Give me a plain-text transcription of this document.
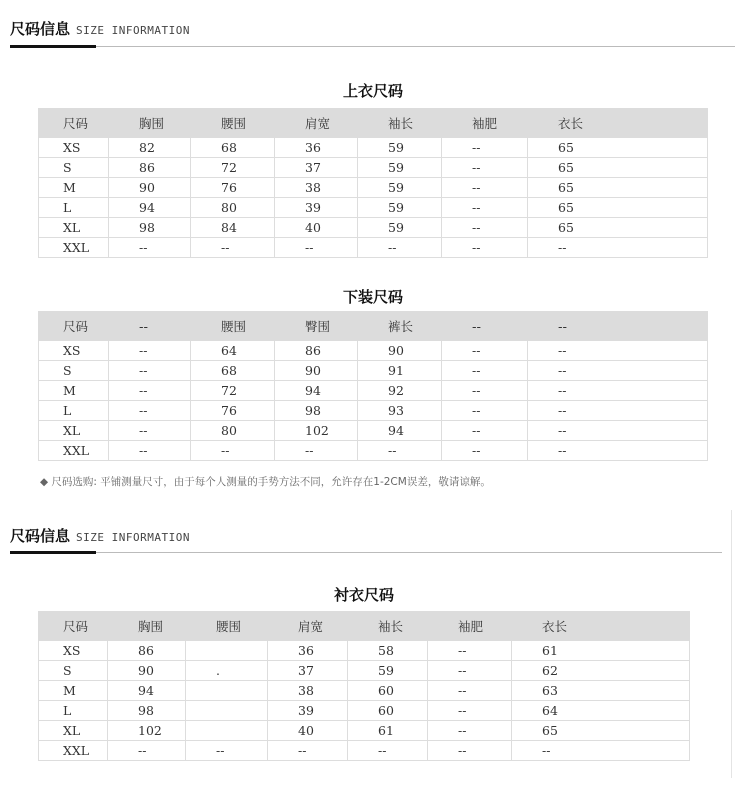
尺码信息 SIZE INFORMATION
上衣尺码
尺码	胸围	腰围	肩宽	袖长	袖肥	衣长
XS	82	68	36	59	--	65
S	86	72	37	59	--	65
M	90	76	38	59	--	65
L	94	80	39	59	--	65
XL	98	84	40	59	--	65
XXL	--	--	--	--	--	--
下装尺码
尺码	--	腰围	臀围	裤长	--	--
XS	--	64	86	90	--	--
S	--	68	90	91	--	--
M	--	72	94	92	--	--
L	--	76	98	93	--	--
XL	--	80	102	94	--	--
XXL	--	--	--	--	--	--
◆ 尺码选购: 平铺测量尺寸，由于每个人测量的手势方法不同，允许存在1-2CM误差，敬请谅解。
尺码信息 SIZE INFORMATION
衬衣尺码
尺码	胸围	腰围	肩宽	袖长	袖肥	衣长
XS	86		36	58	--	61
S	90	.	37	59	--	62
M	94		38	60	--	63
L	98		39	60	--	64
XL	102		40	61	--	65
XXL	--	--	--	--	--	--
